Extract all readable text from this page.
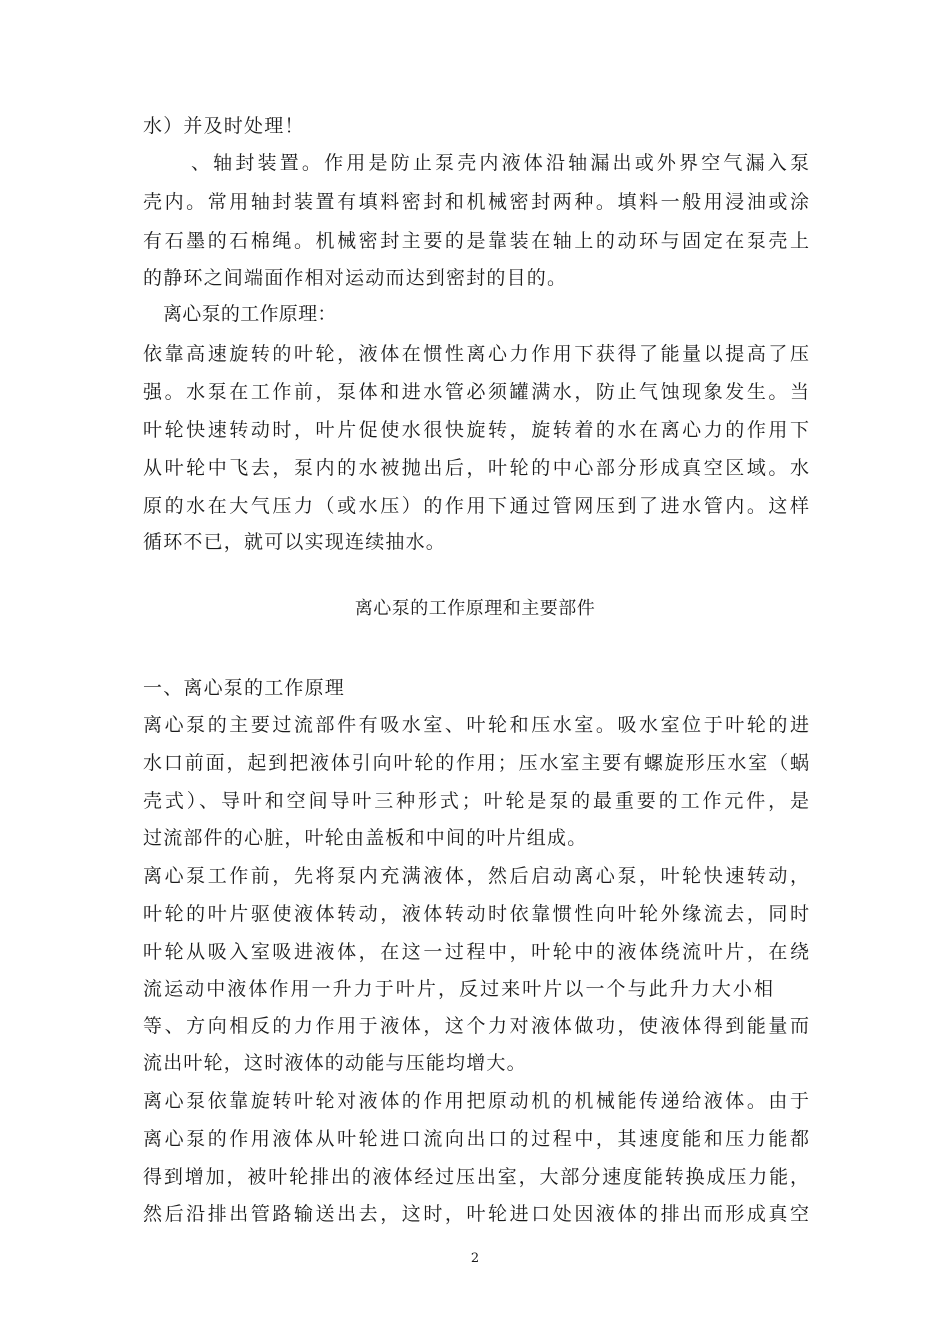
水）并及时处理！
、轴封装置。作用是防止泵壳内液体沿轴漏出或外界空气漏入泵
壳内。常用轴封装置有填料密封和机械密封两种。填料一般用浸油或涂
有石墨的石棉绳。机械密封主要的是靠装在轴上的动环与固定在泵壳上
的静环之间端面作相对运动而达到密封的目的。
离心泵的工作原理：
依靠高速旋转的叶轮，液体在惯性离心力作用下获得了能量以提高了压
强。水泵在工作前，泵体和进水管必须罐满水，防止气蚀现象发生。当
叶轮快速转动时，叶片促使水很快旋转，旋转着的水在离心力的作用下
从叶轮中飞去，泵内的水被抛出后，叶轮的中心部分形成真空区域。水
原的水在大气压力（或水压）的作用下通过管网压到了进水管内。这样
循环不已，就可以实现连续抽水。
离心泵的工作原理和主要部件
一、离心泵的工作原理
离心泵的主要过流部件有吸水室、叶轮和压水室。吸水室位于叶轮的进
水口前面，起到把液体引向叶轮的作用；压水室主要有螺旋形压水室（蜗
壳式）、导叶和空间导叶三种形式；叶轮是泵的最重要的工作元件，是
过流部件的心脏，叶轮由盖板和中间的叶片组成。
离心泵工作前，先将泵内充满液体，然后启动离心泵，叶轮快速转动，
叶轮的叶片驱使液体转动，液体转动时依靠惯性向叶轮外缘流去，同时
叶轮从吸入室吸进液体，在这一过程中，叶轮中的液体绕流叶片，在绕
流运动中液体作用一升力于叶片，反过来叶片以一个与此升力大小相
等、方向相反的力作用于液体，这个力对液体做功，使液体得到能量而
流出叶轮，这时液体的动能与压能均增大。
离心泵依靠旋转叶轮对液体的作用把原动机的机械能传递给液体。由于
离心泵的作用液体从叶轮进口流向出口的过程中，其速度能和压力能都
得到增加，被叶轮排出的液体经过压出室，大部分速度能转换成压力能，
然后沿排出管路输送出去，这时，叶轮进口处因液体的排出而形成真空
2
